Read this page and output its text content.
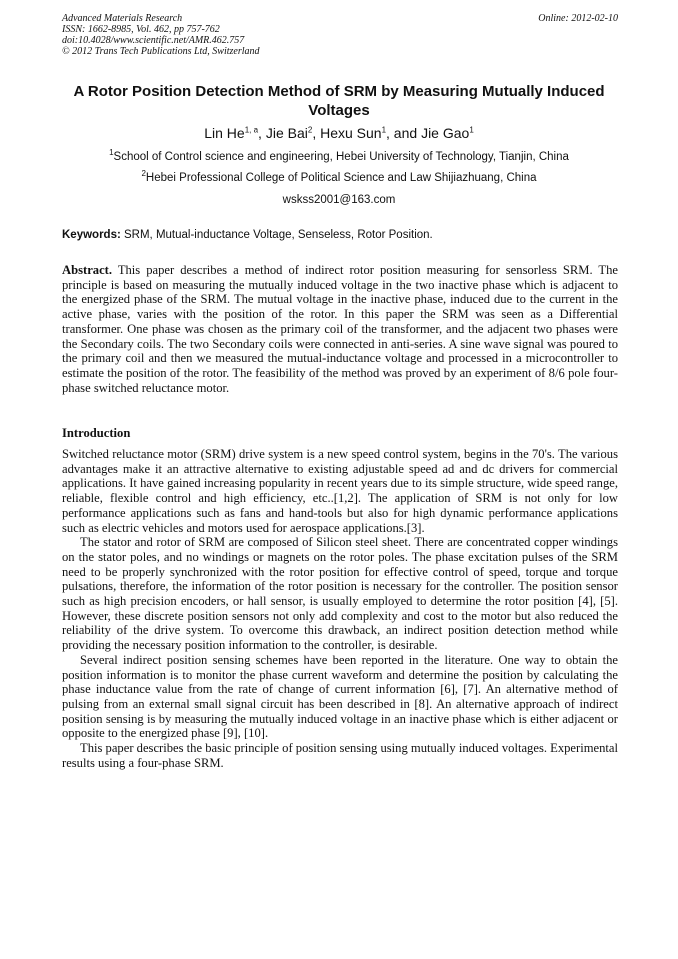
Advanced Materials Research
ISSN: 1662-8985, Vol. 462, pp 757-762
doi:10.4028/www.scientific.net/AMR.462.757
© 2012 Trans Tech Publications Ltd, Switzerland
Online: 2012-02-10
A Rotor Position Detection Method of SRM by Measuring Mutually Induced Voltages
Lin He$^{1, a}$, Jie Bai$^2$, Hexu Sun$^1$, and Jie Gao$^1$
$^1$School of Control science and engineering, Hebei University of Technology, Tianjin, China
$^2$Hebei Professional College of Political Science and Law Shijiazhuang, China
wskss2001@163.com
Keywords: SRM, Mutual-inductance Voltage, Senseless, Rotor Position.

Abstract. This paper describes a method of indirect rotor position measuring for sensorless SRM. The principle is based on measuring the mutually induced voltage in the two inactive phase which is adjacent to the energized phase of the SRM. The mutual voltage in the inactive phase, induced due to the current in the active phase, varies with the position of the rotor. In this paper the SRM was seen as a Differential transformer. One phase was chosen as the primary coil of the transformer, and the adjacent two phases were the Secondary coils. The two Secondary coils were connected in anti-series. A sine wave signal was poured to the primary coil and then we measured the mutual-inductance voltage and processed in a microcontroller to estimate the position of the rotor. The feasibility of the method was proved by an experiment of 8/6 pole four-phase switched reluctance motor.

Introduction

Switched reluctance motor (SRM) drive system is a new speed control system, begins in the 70's. The various advantages make it an attractive alternative to existing adjustable speed ad and dc drivers for commercial applications. It have gained increasing popularity in recent years due to its simple structure, wide speed range, reliable, flexible control and high efficiency, etc..[1,2]. The application of SRM is not only for low performance applications such as fans and hand-tools but also for high dynamic performance applications such as electric vehicles and motors used for aerospace applications.[3].

The stator and rotor of SRM are composed of Silicon steel sheet. There are concentrated copper windings on the stator poles, and no windings or magnets on the rotor poles. The phase excitation pulses of the SRM need to be properly synchronized with the rotor position for effective control of speed, torque and torque pulsations, therefore, the information of the rotor position is necessary for the controller. The position sensor such as high precision encoders, or hall sensor, is usually employed to determine the rotor position [4], [5]. However, these discrete position sensors not only add complexity and cost to the motor but also reduced the reliability of the drive system. To overcome this drawback, an indirect position detection method while providing the necessary position information to the controller, is desirable.

Several indirect position sensing schemes have been reported in the literature. One way to obtain the position information is to monitor the phase current waveform and determine the position by calculating the phase inductance value from the rate of change of current information [6], [7]. An alternative method of pulsing from an external small signal circuit has been described in [8]. An alternative approach of indirect position sensing is by measuring the mutually induced voltage in an inactive phase which is either adjacent or opposite to the energized phase [9], [10].

This paper describes the basic principle of position sensing using mutually induced voltages. Experimental results using a four-phase SRM.
